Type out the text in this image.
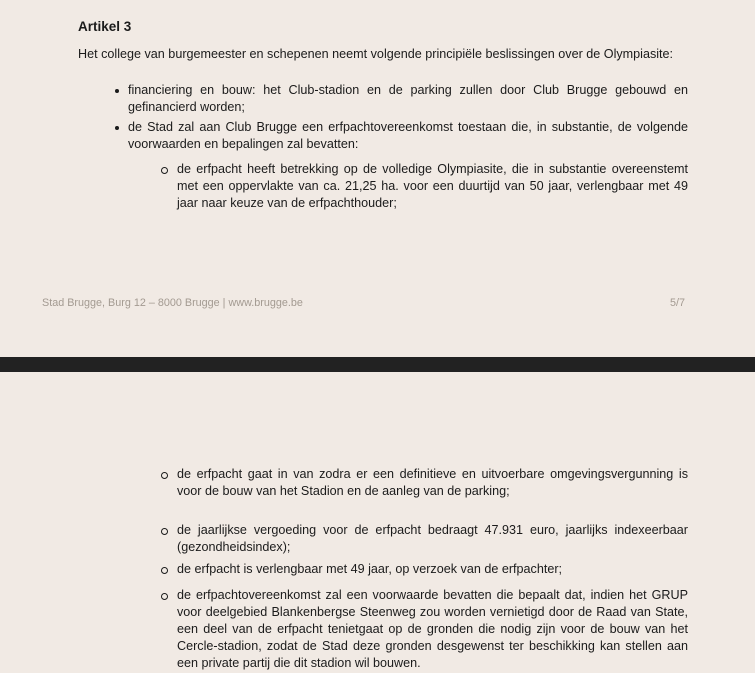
Artikel 3

Het college van burgemeester en schepenen neemt volgende principiële beslissingen over de Olympiasite:

financiering en bouw: het Club-stadion en de parking zullen door Club Brugge gebouwd en gefinancierd worden;
de Stad zal aan Club Brugge een erfpachtovereenkomst toestaan die, in substantie, de volgende voorwaarden en bepalingen zal bevatten:
de erfpacht heeft betrekking op de volledige Olympiasite, die in substantie overeenstemt met een oppervlakte van ca. 21,25 ha. voor een duurtijd van 50 jaar, verlengbaar met 49 jaar naar keuze van de erfpachthouder;
Stad Brugge, Burg 12 – 8000 Brugge | www.brugge.be	5/7
de erfpacht gaat in van zodra er een definitieve en uitvoerbare omgevingsvergunning is voor de bouw van het Stadion en de aanleg van de parking;
de jaarlijkse vergoeding voor de erfpacht bedraagt 47.931 euro, jaarlijks indexeerbaar (gezondheidsindex);
de erfpacht is verlengbaar met 49 jaar, op verzoek van de erfpachter;
de erfpachtovereenkomst zal een voorwaarde bevatten die bepaalt dat, indien het GRUP voor deelgebied Blankenbergse Steenweg zou worden vernietigd door de Raad van State, een deel van de erfpacht tenietgaat op de gronden die nodig zijn voor de bouw van het Cercle-stadion, zodat de Stad deze gronden desgewenst ter beschikking kan stellen aan een private partij die dit stadion wil bouwen.
